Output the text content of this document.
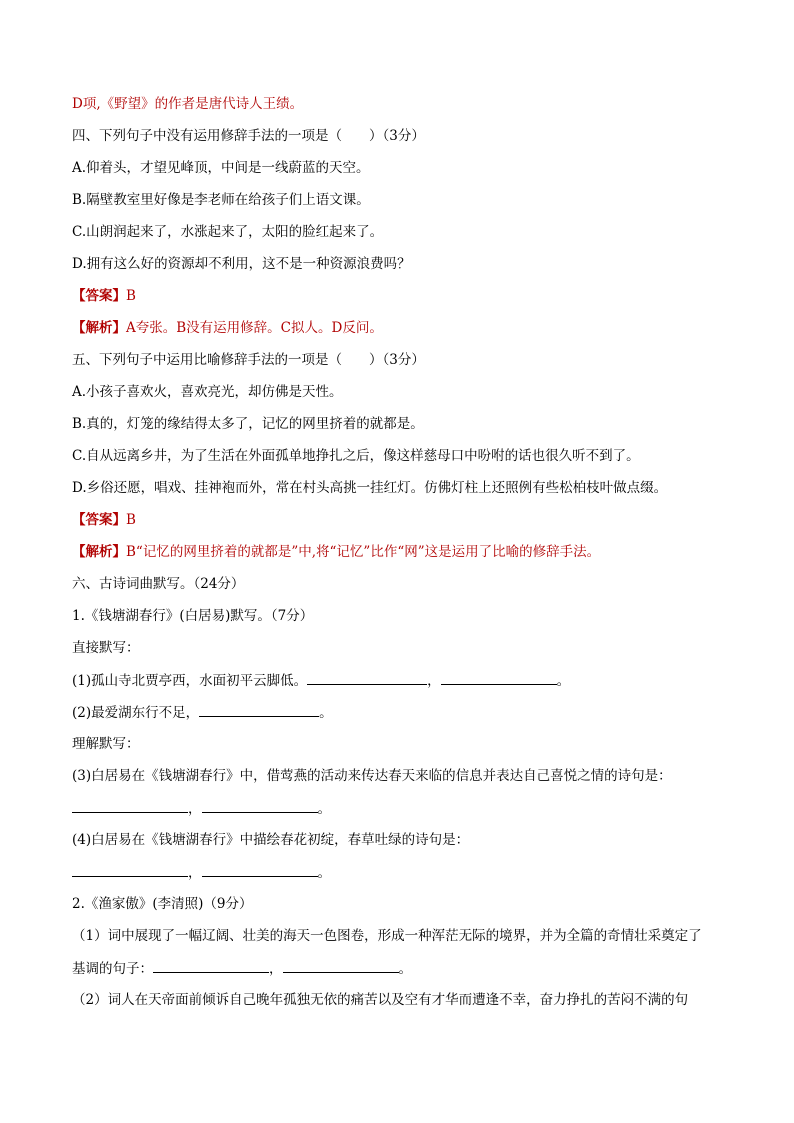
D项,《野望》的作者是唐代诗人王绩。
四、下列句子中没有运用修辞手法的一项是（　　）（3分）
A.仰着头，才望见峰顶，中间是一线蔚蓝的天空。
B.隔壁教室里好像是李老师在给孩子们上语文课。
C.山朗润起来了，水涨起来了，太阳的脸红起来了。
D.拥有这么好的资源却不利用，这不是一种资源浪费吗？
【答案】B
【解析】A夸张。B没有运用修辞。C拟人。D反问。
五、下列句子中运用比喻修辞手法的一项是（　　）（3分）
A.小孩子喜欢火，喜欢亮光，却仿佛是天性。
B.真的，灯笼的缘结得太多了，记忆的网里挤着的就都是。
C.自从远离乡井，为了生活在外面孤单地挣扎之后，像这样慈母口中吩咐的话也很久听不到了。
D.乡俗还愿，唱戏、挂神袍而外，常在村头高挑一挂红灯。仿佛灯柱上还照例有些松柏枝叶做点缀。
【答案】B
【解析】B“记忆的网里挤着的就都是”中,将“记忆”比作“网”这是运用了比喻的修辞手法。
六、古诗词曲默写。（24分）
1.《钱塘湖春行》(白居易)默写。（7分）
直接默写：
(1)孤山寺北贾亭西，水面初平云脚低。	，	。
(2)最爱湖东行不足，	。
理解默写：
(3)白居易在《钱塘湖春行》中，借莺燕的活动来传达春天来临的信息并表达自己喜悦之情的诗句是：
，	。
(4)白居易在《钱塘湖春行》中描绘春花初绽，春草吐绿的诗句是：
，	。
2.《渔家傲》(李清照)（9分）
（1）词中展现了一幅辽阔、壮美的海天一色图卷，形成一种浑茫无际的境界，并为全篇的奇情壮采奠定了
基调的句子：	，	。
（2）词人在天帝面前倾诉自己晚年孤独无依的痛苦以及空有才华而遭逢不幸，奋力挣扎的苦闷不满的句
